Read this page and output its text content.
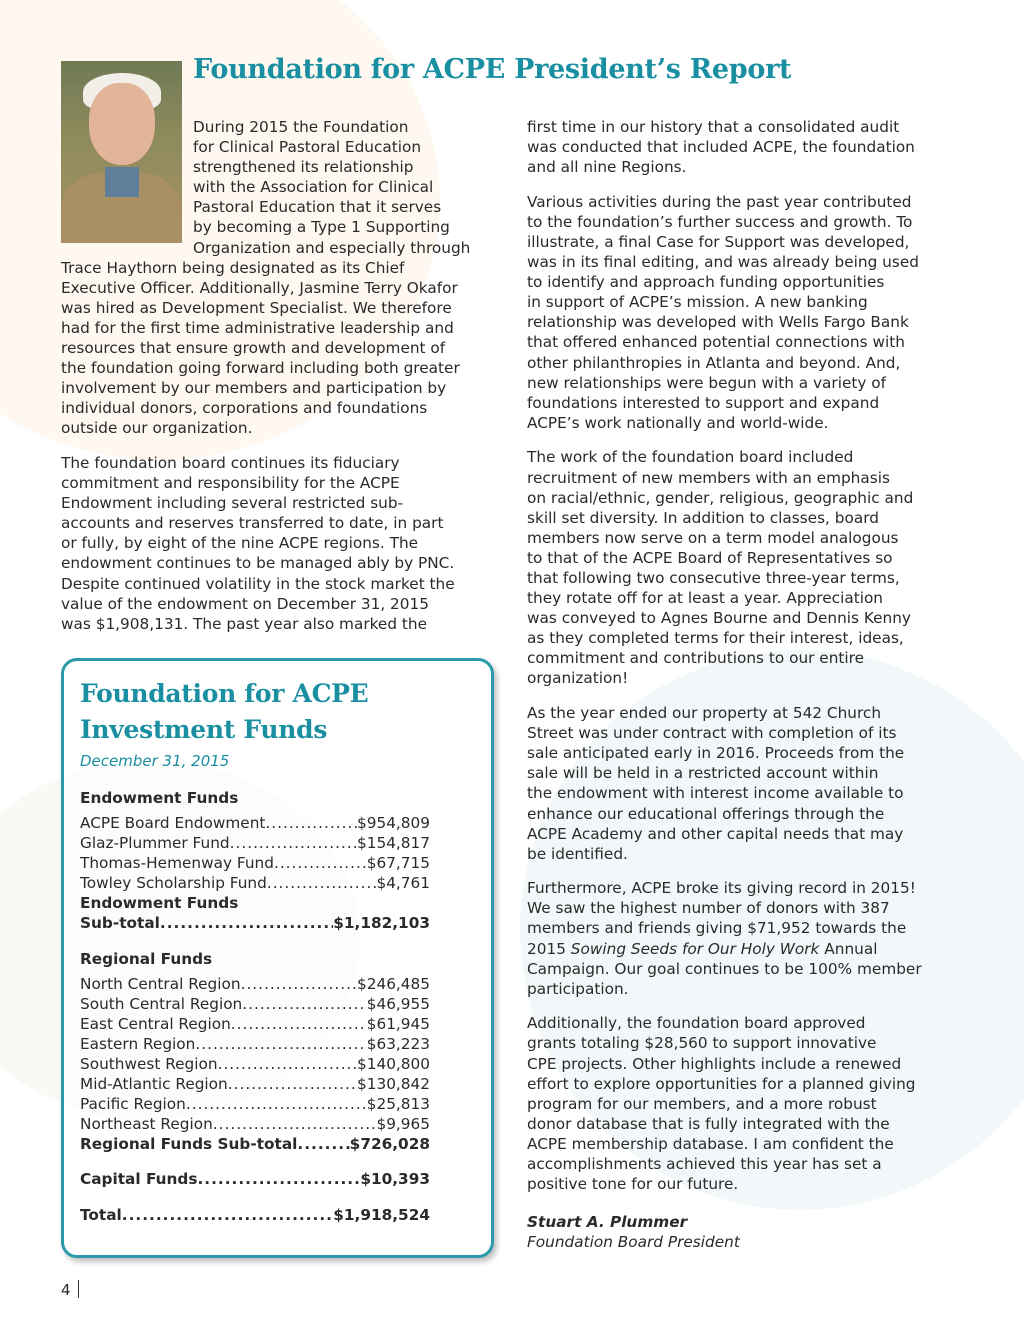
Foundation for ACPE President’s Report

During 2015 the Foundation
for Clinical Pastoral Education
strengthened its relationship
with the Association for Clinical
Pastoral Education that it serves
by becoming a Type 1 Supporting
Organization and especially through
Trace Haythorn being designated as its Chief
Executive Officer. Additionally, Jasmine Terry Okafor
was hired as Development Specialist. We therefore
had for the first time administrative leadership and
resources that ensure growth and development of
the foundation going forward including both greater
involvement by our members and participation by
individual donors, corporations and foundations
outside our organization.

The foundation board continues its fiduciary
commitment and responsibility for the ACPE
Endowment including several restricted sub-
accounts and reserves transferred to date, in part
or fully, by eight of the nine ACPE regions. The
endowment continues to be managed ably by PNC.
Despite continued volatility in the stock market the
value of the endowment on December 31, 2015
was $1,908,131. The past year also marked the

first time in our history that a consolidated audit
was conducted that included ACPE, the foundation
and all nine Regions.

Various activities during the past year contributed
to the foundation’s further success and growth. To
illustrate, a final Case for Support was developed,
was in its final editing, and was already being used
to identify and approach funding opportunities
in support of ACPE’s mission. A new banking
relationship was developed with Wells Fargo Bank
that offered enhanced potential connections with
other philanthropies in Atlanta and beyond. And,
new relationships were begun with a variety of
foundations interested to support and expand
ACPE’s work nationally and world-wide.

The work of the foundation board included
recruitment of new members with an emphasis
on racial/ethnic, gender, religious, geographic and
skill set diversity. In addition to classes, board
members now serve on a term model analogous
to that of the ACPE Board of Representatives so
that following two consecutive three-year terms,
they rotate off for at least a year. Appreciation
was conveyed to Agnes Bourne and Dennis Kenny
as they completed terms for their interest, ideas,
commitment and contributions to our entire
organization!

As the year ended our property at 542 Church
Street was under contract with completion of its
sale anticipated early in 2016. Proceeds from the
sale will be held in a restricted account within
the endowment with interest income available to
enhance our educational offerings through the
ACPE Academy and other capital needs that may
be identified.

Furthermore, ACPE broke its giving record in 2015!
We saw the highest number of donors with 387
members and friends giving $71,952 towards the
2015 Sowing Seeds for Our Holy Work Annual
Campaign. Our goal continues to be 100% member
participation.

Additionally, the foundation board approved
grants totaling $28,560 to support innovative
CPE projects. Other highlights include a renewed
effort to explore opportunities for a planned giving
program for our members, and a more robust
donor database that is fully integrated with the
ACPE membership database. I am confident the
accomplishments achieved this year has set a
positive tone for our future.

Stuart A. Plummer
Foundation Board President

Foundation for ACPE
Investment Funds
December 31, 2015
Endowment Funds
ACPE Board Endowment .....	$954,809
Glaz-Plummer Fund .....	$154,817
Thomas-Hemenway Fund .....	$67,715
Towley Scholarship Fund .....	$4,761
Endowment Funds
Sub-total .....	$1,182,103
Regional Funds
North Central Region .....	$246,485
South Central Region .....	$46,955
East Central Region .....	$61,945
Eastern Region .....	$63,223
Southwest Region .....	$140,800
Mid-Atlantic Region .....	$130,842
Pacific Region .....	$25,813
Northeast Region .....	$9,965
Regional Funds Sub-total .....	$726,028
Capital Funds .....	$10,393
Total .....	$1,918,524
4
